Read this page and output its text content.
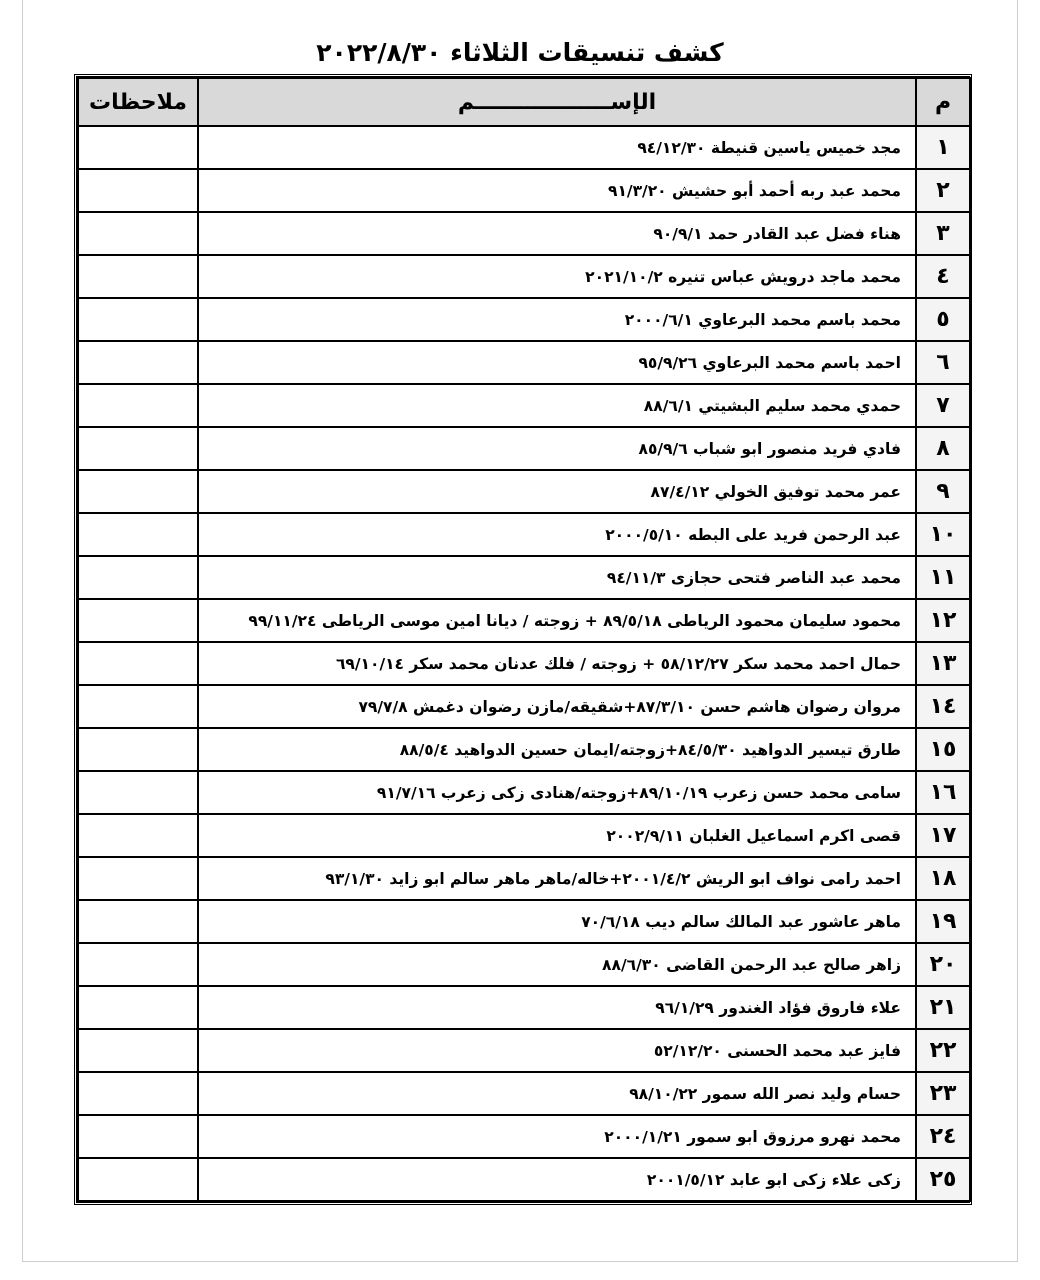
كشف تنسيقات الثلاثاء ٢٠٢٢/٨/٣٠
م	الإســــــــــــــــــم	ملاحظات
١	مجد خميس ياسين قنيطة ٩٤/١٢/٣٠	
٢	محمد عبد ربه أحمد أبو حشيش ٩١/٣/٢٠	
٣	هناء فضل عبد القادر حمد ٩٠/٩/١	
٤	محمد ماجد درويش عباس تنيره ٢٠٢١/١٠/٢	
٥	محمد باسم محمد البرعاوي ٢٠٠٠/٦/١	
٦	احمد باسم محمد البرعاوي ٩٥/٩/٢٦	
٧	حمدي محمد سليم البشيتي ٨٨/٦/١	
٨	فادي فريد منصور ابو شباب ٨٥/٩/٦	
٩	عمر محمد توفيق الخولي ٨٧/٤/١٢	
١٠	عبد الرحمن فريد على البطه ٢٠٠٠/٥/١٠	
١١	محمد عبد الناصر فتحى حجازى ٩٤/١١/٣	
١٢	محمود سليمان محمود الرياطى ٨٩/٥/١٨ + زوجته / ديانا امين موسى الرياطى ٩٩/١١/٢٤	
١٣	حمال احمد محمد سكر ٥٨/١٢/٢٧ + زوجته / فلك عدنان محمد سكر ٦٩/١٠/١٤	
١٤	مروان رضوان هاشم حسن ٨٧/٣/١٠+شقيقه/مازن رضوان دغمش ٧٩/٧/٨	
١٥	طارق تيسير الدواهيد ٨٤/٥/٣٠+زوجته/ايمان حسين الدواهيد ٨٨/٥/٤	
١٦	سامى محمد حسن زعرب ٨٩/١٠/١٩+زوجته/هنادى زكى زعرب ٩١/٧/١٦	
١٧	قصى اكرم اسماعيل الغلبان ٢٠٠٢/٩/١١	
١٨	احمد رامى نواف ابو الريش ٢٠٠١/٤/٢+خاله/ماهر ماهر سالم ابو زايد ٩٣/١/٣٠	
١٩	ماهر عاشور عبد المالك سالم ديب ٧٠/٦/١٨	
٢٠	زاهر صالح عبد الرحمن القاضى ٨٨/٦/٣٠	
٢١	علاء فاروق فؤاد الغندور ٩٦/١/٢٩	
٢٢	فايز عبد محمد الحسنى ٥٢/١٢/٢٠	
٢٣	حسام وليد نصر الله سمور ٩٨/١٠/٢٢	
٢٤	محمد نهرو مرزوق ابو سمور ٢٠٠٠/١/٢١	
٢٥	زكى علاء زكى ابو عابد ٢٠٠١/٥/١٢	
